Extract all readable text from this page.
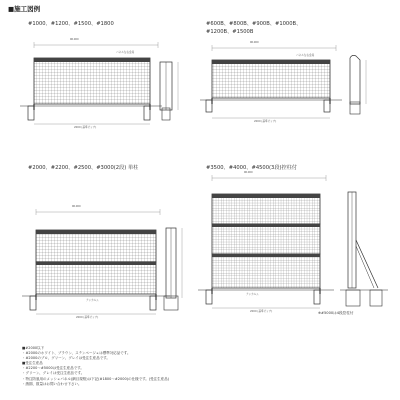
■施工図例
#1000、#1200、#1500、#1800	#600B、#800B、#900B、#1000B、
#1200B、#1500B
#2000、#2200、#2500、#3000(2段) 単柱	#3500、#4000、#4500(3段)控柱付
Φ1000
パネル左右金具
2000 (基準ピッチ)
Φ1000
パネル左右金具
2000 (基準ピッチ)
Φ1000
アンカルム
2000 (基準ピッチ)
Φ1000
アンカルム
2000 (基準ピッチ)	※#5000は4段控柱付
■#2000以下
・#2000のホワイト、ブラウン、ステンベージュは標準対応品です。
・#2000のブロ、グリーン、グレイは受注生産品です。
■受注生産品
・#2200～#5000は受注生産品です。
・グリーン、グレイは受注生産品です。
・特注防風用のメッシュパネル(網目規格)は下記(#1800～#2000)の仕様です。(受注生産品)
・納期、数量はお問い合わせ下さい。
